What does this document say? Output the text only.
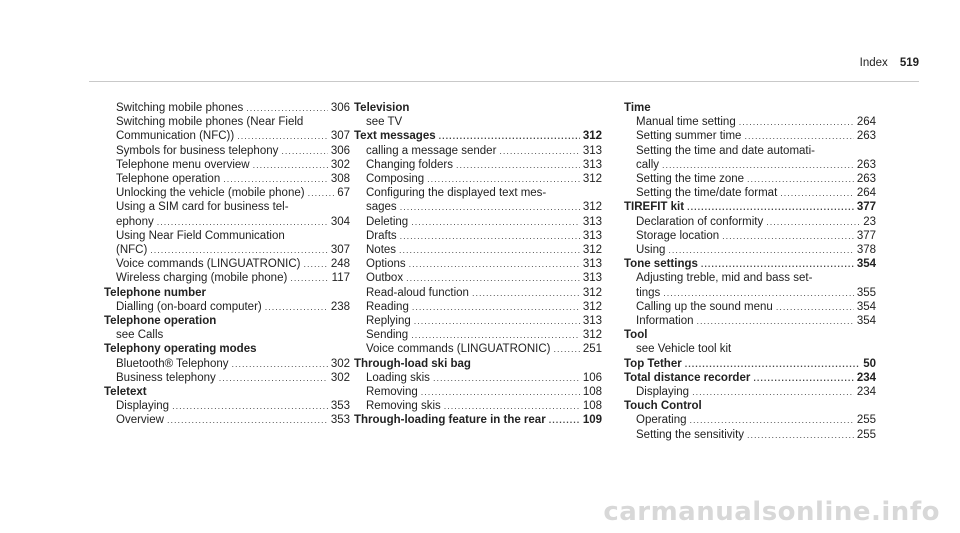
Index 519
Switching mobile phones .....	306
Switching mobile phones (Near Field
Communication (NFC)) .....	307
Symbols for business telephony .....	306
Telephone menu overview .....	302
Telephone operation .....	308
Unlocking the vehicle (mobile phone) .....	67
Using a SIM card for business tel-
ephony .....	304
Using Near Field Communication
(NFC) .....	307
Voice commands (LINGUATRONIC) .....	248
Wireless charging (mobile phone) .....	117
Telephone number
Dialling (on-board computer) .....	238
Telephone operation
see Calls
Telephony operating modes
Bluetooth® Telephony .....	302
Business telephony .....	302
Teletext
Displaying .....	353
Overview .....	353
Television
see TV
Text messages .....	312
calling a message sender .....	313
Changing folders .....	313
Composing .....	312
Configuring the displayed text mes-
sages .....	312
Deleting .....	313
Drafts .....	313
Notes .....	312
Options .....	313
Outbox .....	313
Read-aloud function .....	312
Reading .....	312
Replying .....	313
Sending .....	312
Voice commands (LINGUATRONIC) .....	251
Through-load ski bag
Loading skis .....	106
Removing .....	108
Removing skis .....	108
Through-loading feature in the rear .....	109
Time
Manual time setting .....	264
Setting summer time .....	263
Setting the time and date automati-
cally .....	263
Setting the time zone .....	263
Setting the time/date format .....	264
TIREFIT kit .....	377
Declaration of conformity .....	23
Storage location .....	377
Using .....	378
Tone settings .....	354
Adjusting treble, mid and bass set-
tings .....	355
Calling up the sound menu .....	354
Information .....	354
Tool
see Vehicle tool kit
Top Tether .....	50
Total distance recorder .....	234
Displaying .....	234
Touch Control
Operating .....	255
Setting the sensitivity .....	255
carmanualsonline.info
